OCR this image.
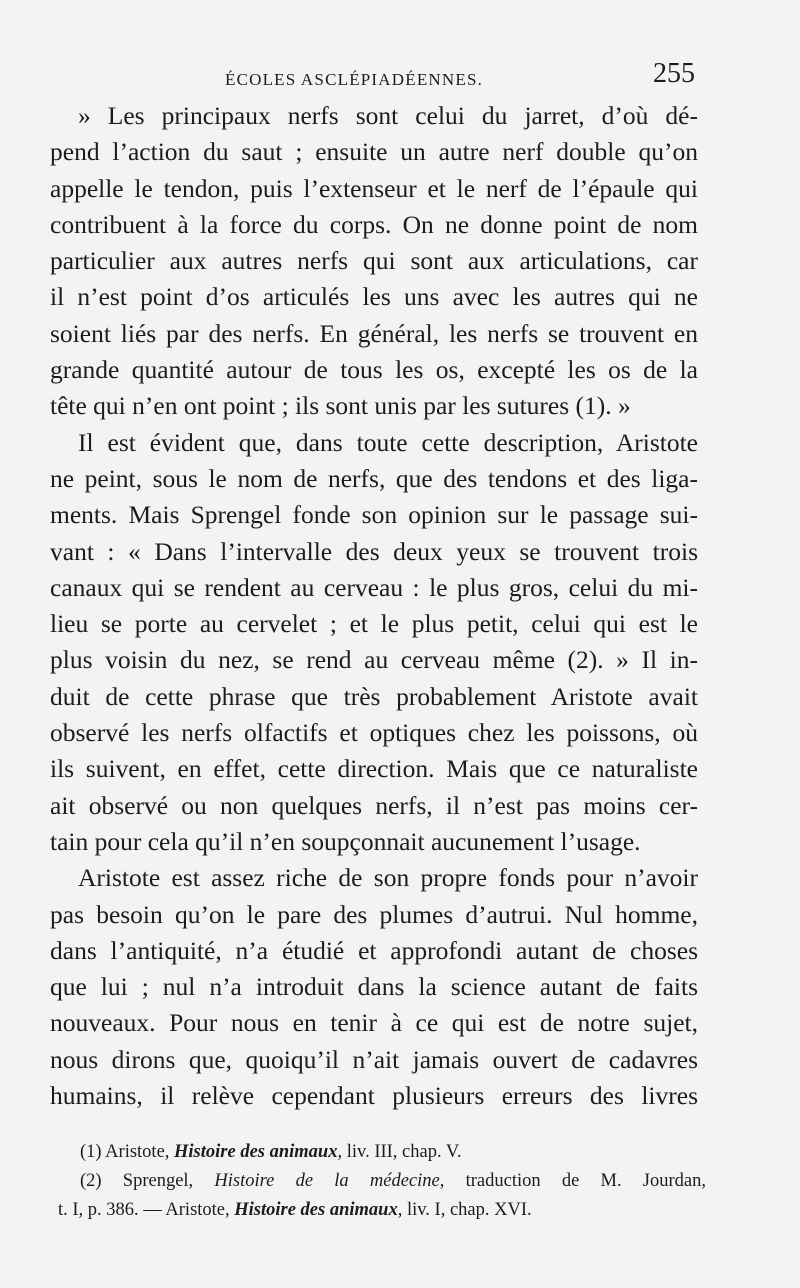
ÉCOLES ASCLÉPIADÉENNES.	255
» Les principaux nerfs sont celui du jarret, d’où dé-
pend l’action du saut ; ensuite un autre nerf double qu’on
appelle le tendon, puis l’extenseur et le nerf de l’épaule qui
contribuent à la force du corps. On ne donne point de nom
particulier aux autres nerfs qui sont aux articulations, car
il n’est point d’os articulés les uns avec les autres qui ne
soient liés par des nerfs. En général, les nerfs se trouvent en
grande quantité autour de tous les os, excepté les os de la
tête qui n’en ont point ; ils sont unis par les sutures (1). »
Il est évident que, dans toute cette description, Aristote
ne peint, sous le nom de nerfs, que des tendons et des liga-
ments. Mais Sprengel fonde son opinion sur le passage sui-
vant : « Dans l’intervalle des deux yeux se trouvent trois
canaux qui se rendent au cerveau : le plus gros, celui du mi-
lieu se porte au cervelet ; et le plus petit, celui qui est le
plus voisin du nez, se rend au cerveau même (2). » Il in-
duit de cette phrase que très probablement Aristote avait
observé les nerfs olfactifs et optiques chez les poissons, où
ils suivent, en effet, cette direction. Mais que ce naturaliste
ait observé ou non quelques nerfs, il n’est pas moins cer-
tain pour cela qu’il n’en soupçonnait aucunement l’usage.
Aristote est assez riche de son propre fonds pour n’avoir
pas besoin qu’on le pare des plumes d’autrui. Nul homme,
dans l’antiquité, n’a étudié et approfondi autant de choses
que lui ; nul n’a introduit dans la science autant de faits
nouveaux. Pour nous en tenir à ce qui est de notre sujet,
nous dirons que, quoiqu’il n’ait jamais ouvert de cadavres
humains, il relève cependant plusieurs erreurs des livres
(1) Aristote, Histoire des animaux, liv. III, chap. V.
(2) Sprengel, Histoire de la médecine, traduction de M. Jourdan,
t. I, p. 386. — Aristote, Histoire des animaux, liv. I, chap. XVI.
